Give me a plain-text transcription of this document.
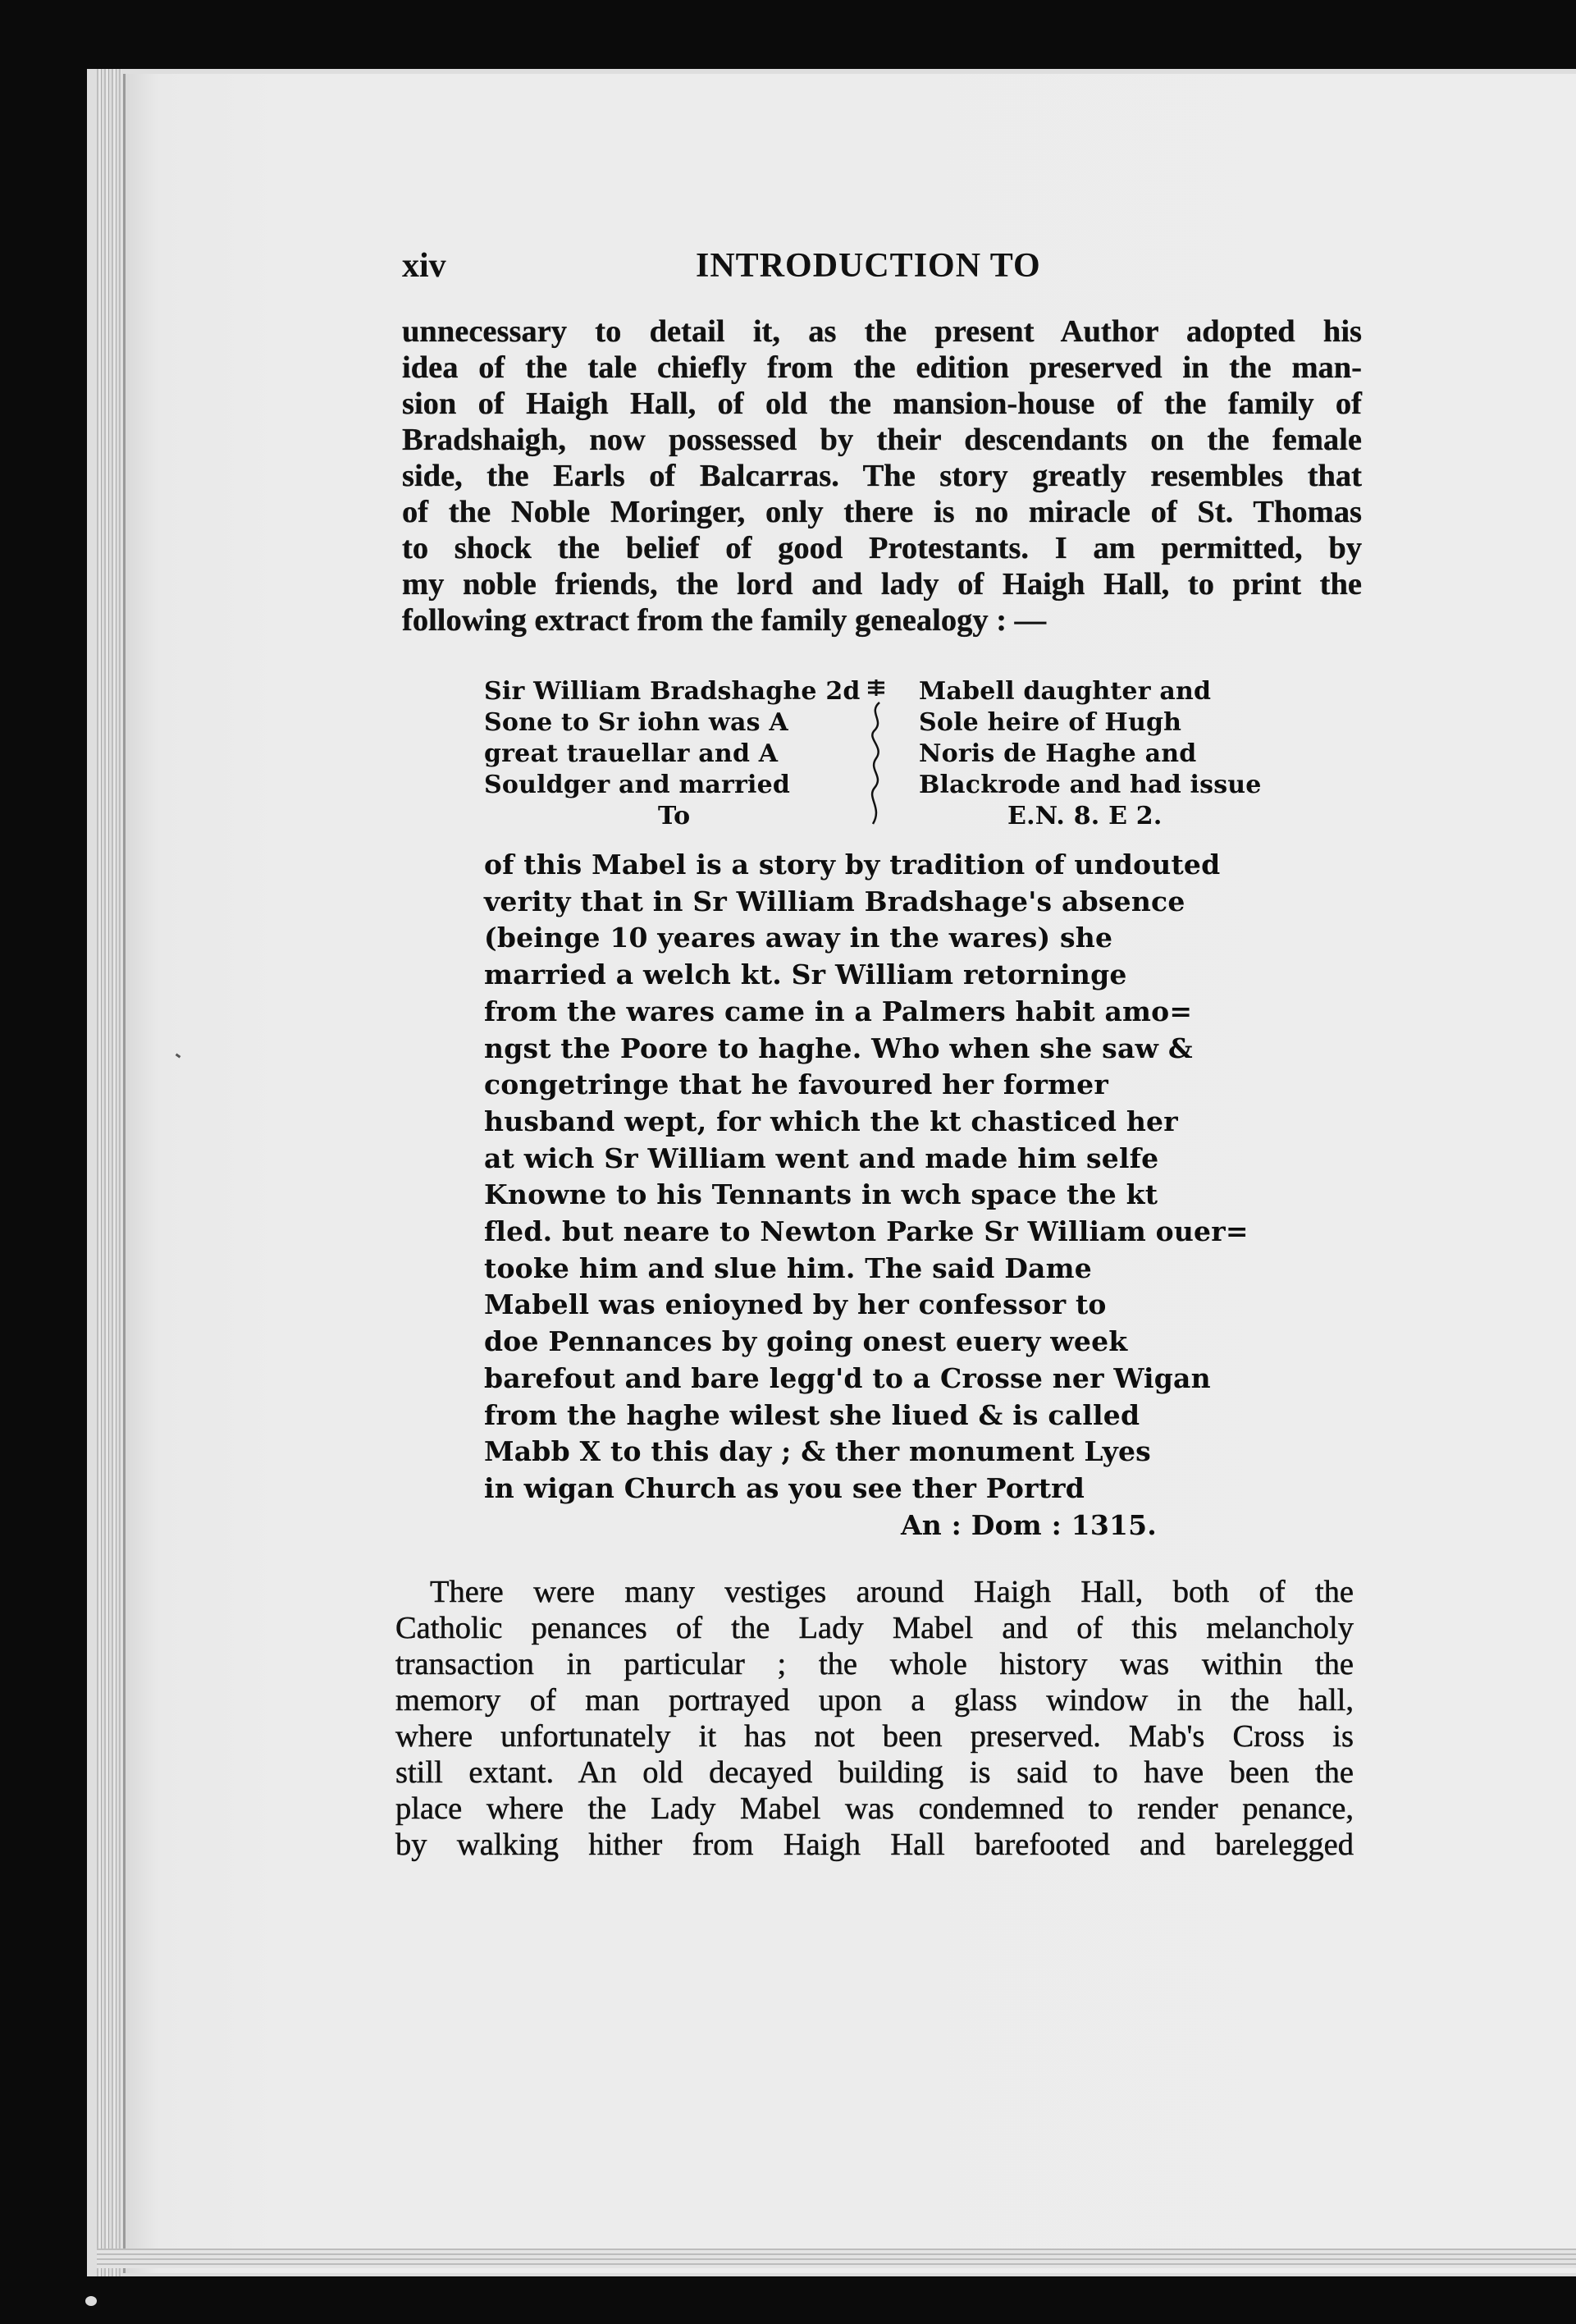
xiv	INTRODUCTION TO
unnecessary to detail it, as the present Author adopted his
idea of the tale chiefly from the edition preserved in the man-
sion of Haigh Hall, of old the mansion-house of the family of
Bradshaigh, now possessed by their descendants on the female
side, the Earls of Balcarras. The story greatly resembles that
of the Noble Moringer, only there is no miracle of St. Thomas
to shock the belief of good Protestants. I am permitted, by
my noble friends, the lord and lady of Haigh Hall, to print the
following extract from the family genealogy : —
Sir William Bradshaghe 2d
Sone to Sr iohn was A
great trauellar and A
Souldger and married
To
Mabell daughter and
Sole heire of Hugh
Noris de Haghe and
Blackrode and had issue
E.N. 8. E 2.
of this Mabel is a story by tradition of undouted
verity that in Sr William Bradshage's absence
(beinge 10 yeares away in the wares) she
married a welch kt. Sr William retorninge
from the wares came in a Palmers habit amo=
ngst the Poore to haghe. Who when she saw &
congetringe that he favoured her former
husband wept, for which the kt chasticed her
at wich Sr William went and made him selfe
Knowne to his Tennants in wch space the kt
fled. but neare to Newton Parke Sr William ouer=
tooke him and slue him. The said Dame
Mabell was enioyned by her confessor to
doe Pennances by going onest euery week
barefout and bare legg'd to a Crosse ner Wigan
from the haghe wilest she liued & is called
Mabb X to this day ; & ther monument Lyes
in wigan Church as you see ther Portrd
An : Dom : 1315.
There were many vestiges around Haigh Hall, both of the
Catholic penances of the Lady Mabel and of this melancholy
transaction in particular ; the whole history was within the
memory of man portrayed upon a glass window in the hall,
where unfortunately it has not been preserved. Mab's Cross is
still extant. An old decayed building is said to have been the
place where the Lady Mabel was condemned to render penance,
by walking hither from Haigh Hall barefooted and barelegged
